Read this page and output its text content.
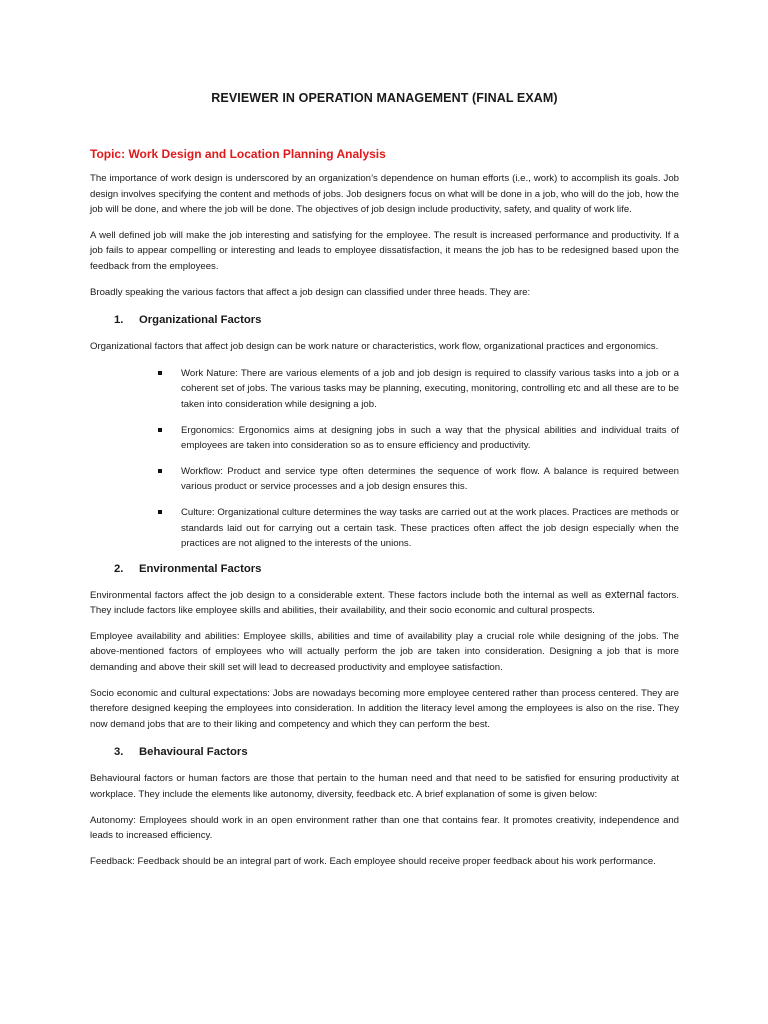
REVIEWER IN OPERATION MANAGEMENT (FINAL EXAM)
Topic: Work Design and Location Planning Analysis

The importance of work design is underscored by an organization’s dependence on human efforts (i.e., work) to accomplish its goals. Job design involves specifying the content and methods of jobs. Job designers focus on what will be done in a job, who will do the job, how the job will be done, and where the job will be done. The objectives of job design include productivity, safety, and quality of work life.

A well defined job will make the job interesting and satisfying for the employee. The result is increased performance and productivity. If a job fails to appear compelling or interesting and leads to employee dissatisfaction, it means the job has to be redesigned based upon the feedback from the employees.

Broadly speaking the various factors that affect a job design can classified under three heads. They are:

1. Organizational Factors

Organizational factors that affect job design can be work nature or characteristics, work flow, organizational practices and ergonomics.

Work Nature: There are various elements of a job and job design is required to classify various tasks into a job or a coherent set of jobs. The various tasks may be planning, executing, monitoring, controlling etc and all these are to be taken into consideration while designing a job.
Ergonomics: Ergonomics aims at designing jobs in such a way that the physical abilities and individual traits of employees are taken into consideration so as to ensure efficiency and productivity.
Workflow: Product and service type often determines the sequence of work flow. A balance is required between various product or service processes and a job design ensures this.
Culture: Organizational culture determines the way tasks are carried out at the work places. Practices are methods or standards laid out for carrying out a certain task. These practices often affect the job design especially when the practices are not aligned to the interests of the unions.
2. Environmental Factors

Environmental factors affect the job design to a considerable extent. These factors include both the internal as well as external factors. They include factors like employee skills and abilities, their availability, and their socio economic and cultural prospects.

Employee availability and abilities: Employee skills, abilities and time of availability play a crucial role while designing of the jobs. The above-mentioned factors of employees who will actually perform the job are taken into consideration. Designing a job that is more demanding and above their skill set will lead to decreased productivity and employee satisfaction.

Socio economic and cultural expectations: Jobs are nowadays becoming more employee centered rather than process centered. They are therefore designed keeping the employees into consideration. In addition the literacy level among the employees is also on the rise. They now demand jobs that are to their liking and competency and which they can perform the best.

3. Behavioural Factors

Behavioural factors or human factors are those that pertain to the human need and that need to be satisfied for ensuring productivity at workplace. They include the elements like autonomy, diversity, feedback etc. A brief explanation of some is given below:

Autonomy: Employees should work in an open environment rather than one that contains fear. It promotes creativity, independence and leads to increased efficiency.

Feedback: Feedback should be an integral part of work. Each employee should receive proper feedback about his work performance.
